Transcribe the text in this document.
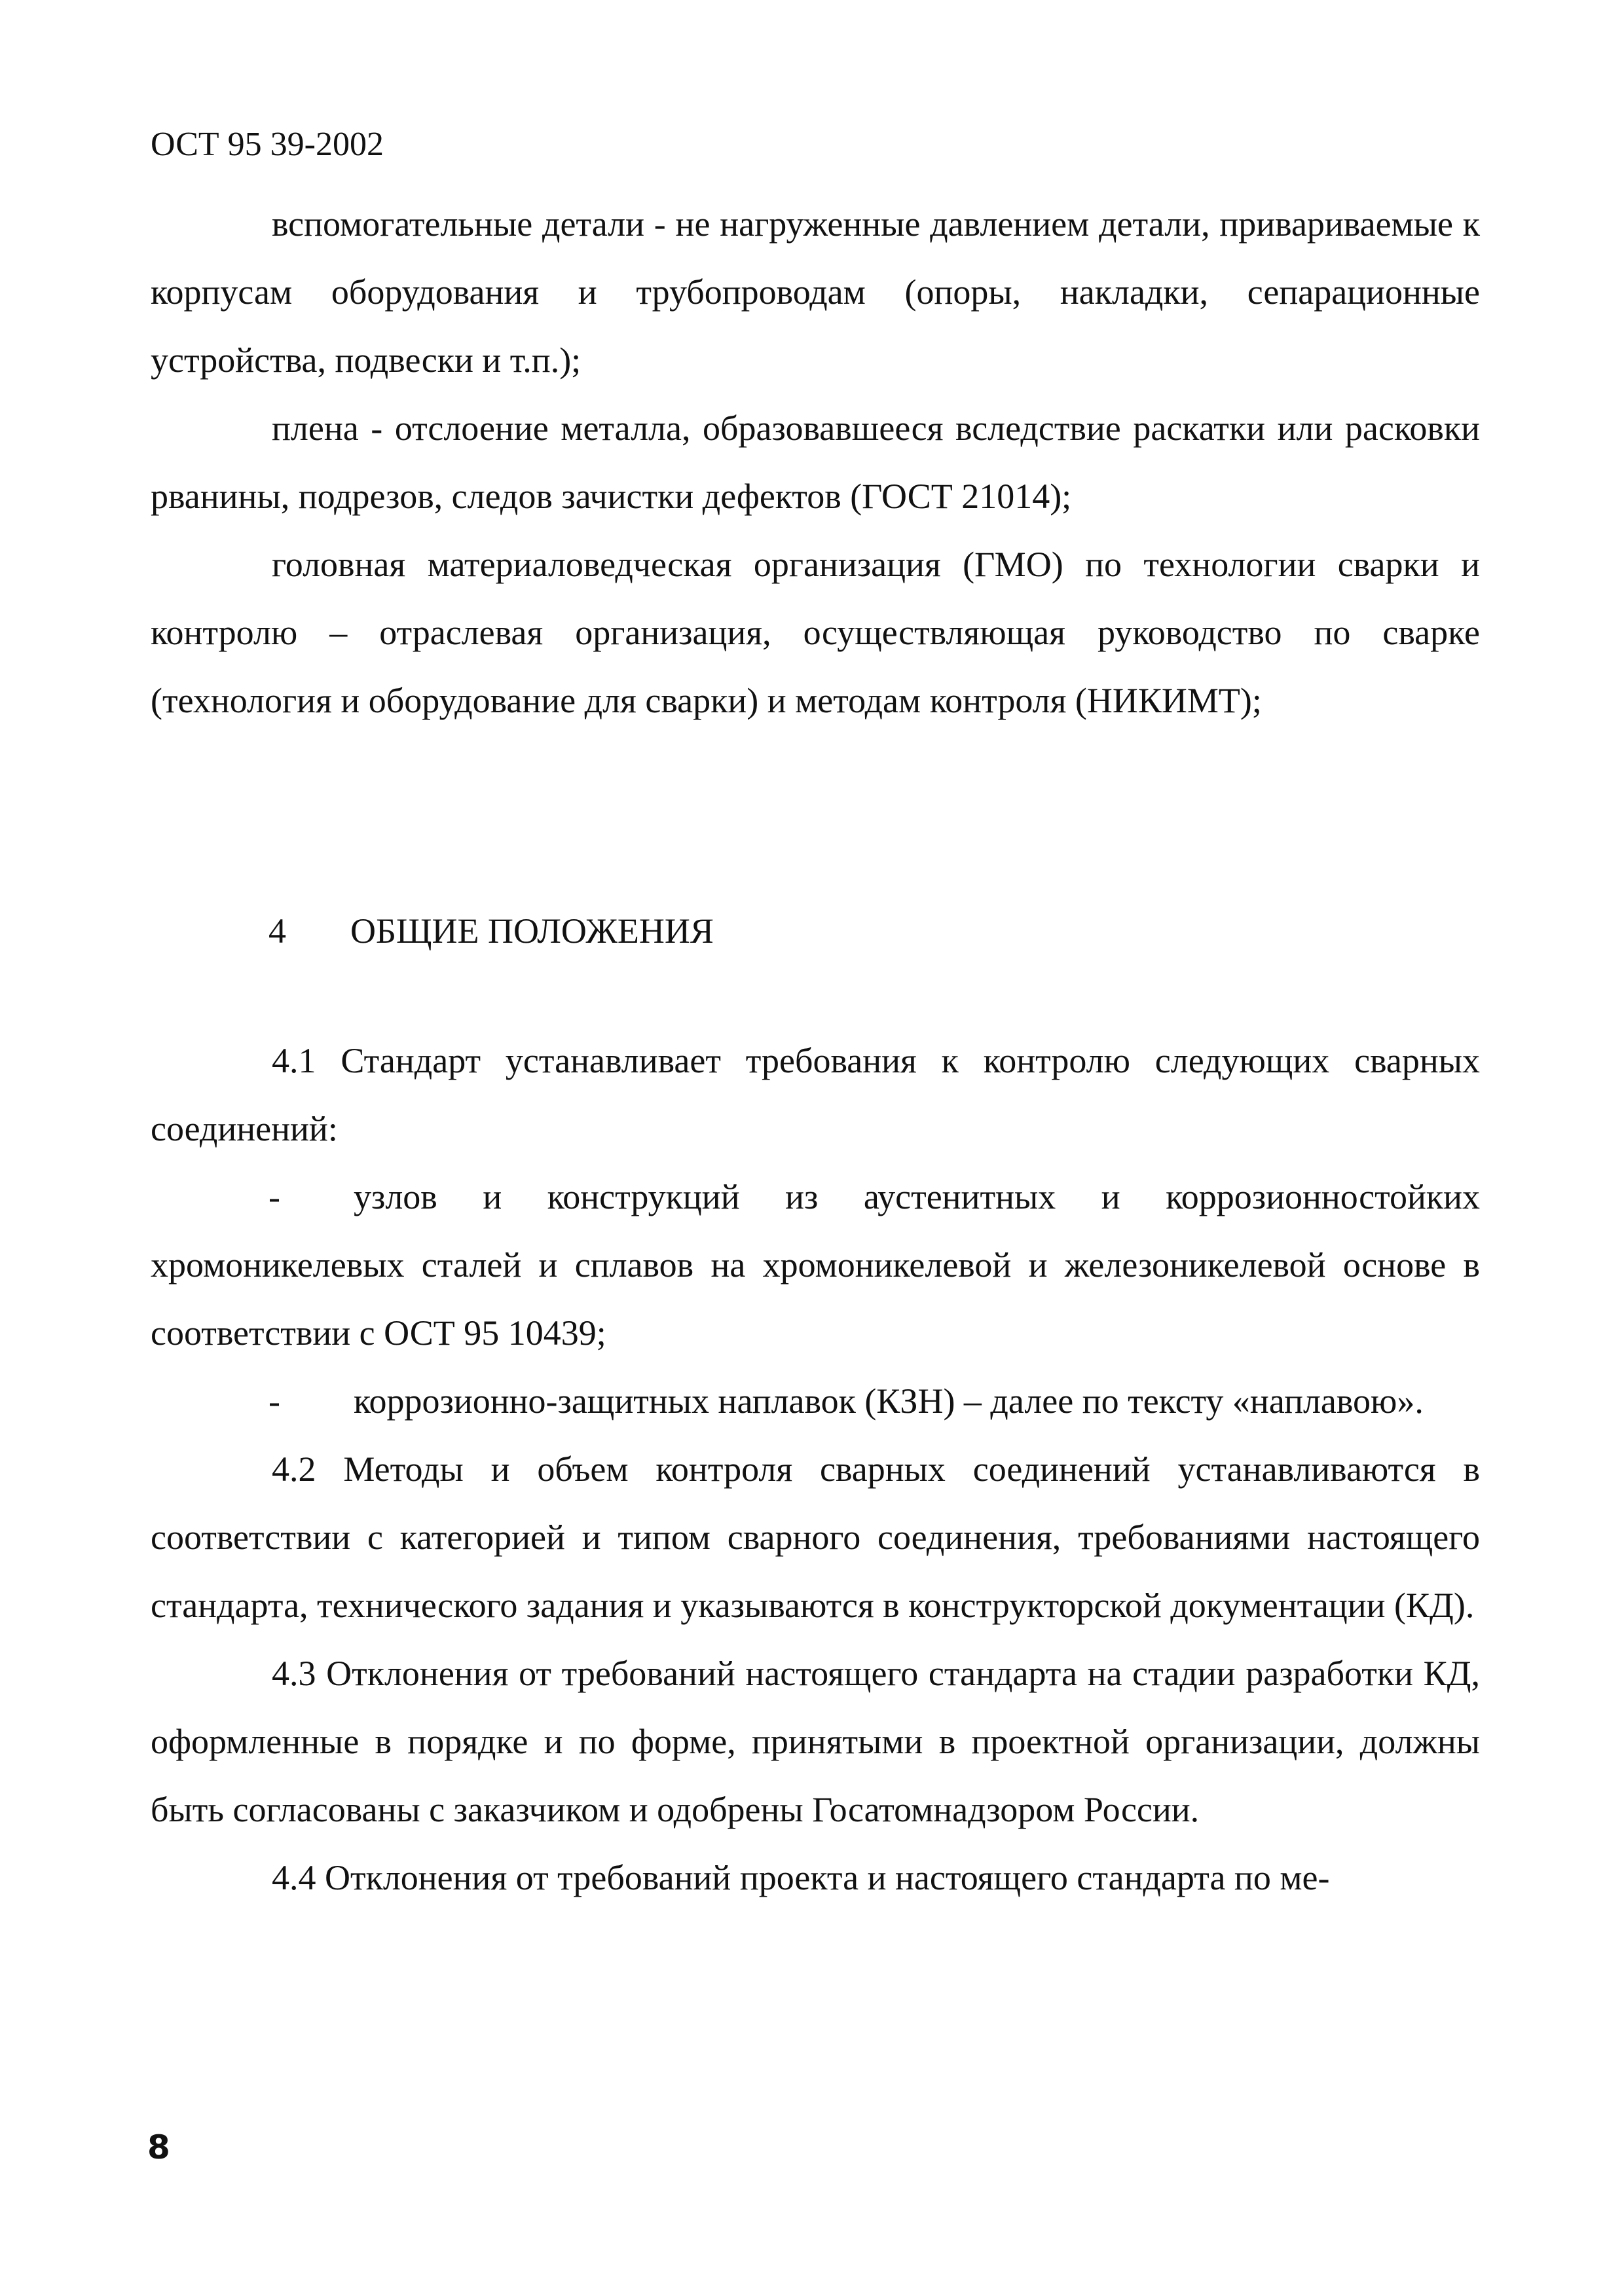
ОСТ 95 39-2002

вспомогательные детали - не нагруженные давлением детали, привариваемые к корпусам оборудования и трубопроводам (опоры, накладки, сепарационные устройства, подвески и т.п.);

плена - отслоение металла, образовавшееся вследствие раскатки или расковки рванины, подрезов, следов зачистки дефектов (ГОСТ 21014);

головная материаловедческая организация (ГМО) по технологии сварки и контролю – отраслевая организация, осуществляющая руководство по сварке (технология и оборудование для сварки) и методам контроля (НИКИМТ);

4 ОБЩИЕ ПОЛОЖЕНИЯ

4.1 Стандарт устанавливает требования к контролю следующих сварных соединений:

- узлов и конструкций из аустенитных и коррозионностойких хромоникелевых сталей и сплавов на хромоникелевой и железоникелевой основе в соответствии с ОСТ 95 10439;

- коррозионно-защитных наплавок (КЗН) – далее по тексту «наплавою».

4.2 Методы и объем контроля сварных соединений устанавливаются в соответствии с категорией и типом сварного соединения, требованиями настоящего стандарта, технического задания и указываются в конструкторской документации (КД).

4.3 Отклонения от требований настоящего стандарта на стадии разработки КД, оформленные в порядке и по форме, принятыми в проектной организации, должны быть согласованы с заказчиком и одобрены Госатомнадзором России.

4.4 Отклонения от требований проекта и настоящего стандарта по ме-

8
